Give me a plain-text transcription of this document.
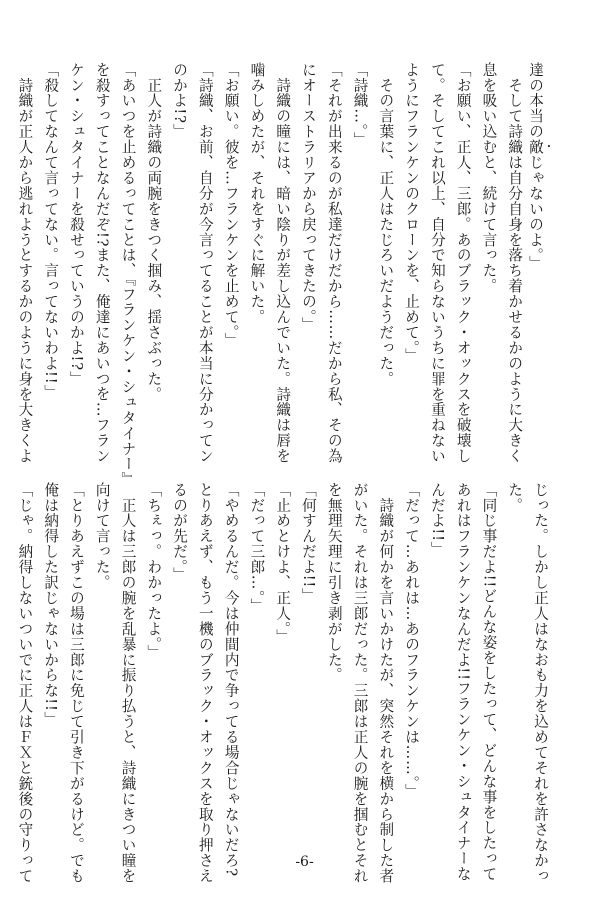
達の本当の敵じゃないのよ。」
　そして詩織は自分自身を落ち着かせるかのように大きく
息を吸い込むと、続けて言った。
「お願い、正人、三郎。あのブラック・オックスを破壊し
て。そしてこれ以上、自分で知らないうちに罪を重ねない
ようにフランケンのクローンを、止めて。」
　その言葉に、正人はたじろいだようだった。
「詩織…。」
「それが出来るのが私達だけだから……だから私、その為
にオーストラリアから戻ってきたの。」
　詩織の瞳には、暗い陰りが差し込んでいた。詩織は唇を
噛みしめたが、それをすぐに解いた。
「お願い。彼を…フランケンを止めて。」
「詩織、お前、自分が今言ってることが本当に分かってン
のかよ!?」
　正人が詩織の両腕をきつく掴み、揺さぶった。
「あいつを止めるってことは、『フランケン・シュタイナー』
を殺すってことなんだぞ!?また、俺達にあいつを…フラン
ケン・シュタイナーを殺せっていうのかよ!?」
「殺してなんて言ってない。言ってないわよ!!」
　詩織が正人から逃れようとするかのように身を大きくよ
じった。しかし正人はなおも力を込めてそれを許さなかっ
た。
「同じ事だよ!!どんな姿をしたって、どんな事をしたって
あれはフランケンなんだよ!!フランケン・シュタイナーな
んだよ!!」
「だって…あれは…あのフランケンは……。」
　詩織が何かを言いかけたが、突然それを横から制した者
がいた。それは三郎だった。三郎は正人の腕を掴むとそれ
を無理矢理に引き剥がした。
「何すんだよ!!」
「止めとけよ、正人。」
「だって三郎…。」
「やめるんだ。今は仲間内で争ってる場合じゃないだろ?
とりあえず、もう一機のブラック・オックスを取り押さえ
るのが先だ。」
「ちぇっ。わかったよ。」
　正人は三郎の腕を乱暴に振り払うと、詩織にきつい瞳を
向けて言った。
「とりあえずこの場は三郎に免じて引き下がるけど。でも
俺は納得した訳じゃないからな!!」
「じゃ。納得しないついでに正人はＦＸと銃後の守りって	-6-
